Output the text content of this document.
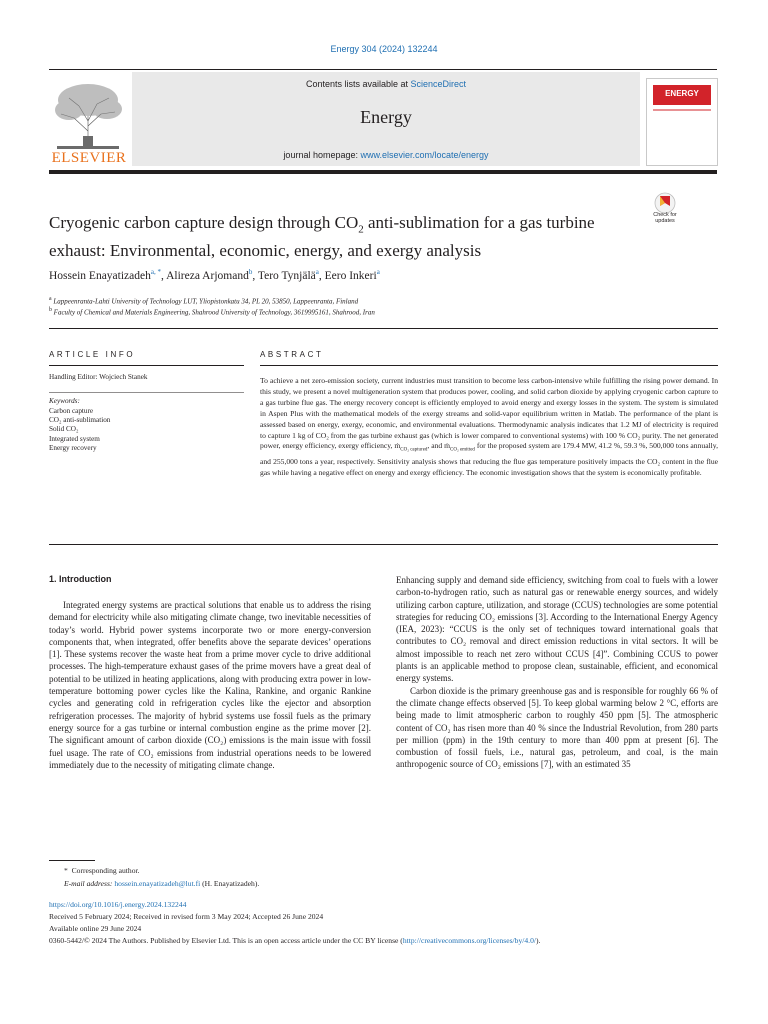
Energy 304 (2024) 132244
ELSEVIER
Contents lists available at ScienceDirect
Energy
journal homepage: www.elsevier.com/locate/energy
ENERGY
Check for
updates
Cryogenic carbon capture design through $CO_2$ anti-sublimation for a gas turbine exhaust: Environmental, economic, energy, and exergy analysis
Hossein Enayatizadeh$^{a, *}$, Alireza Arjomand$^b$, Tero Tynjälä$^a$, Eero Inkeri$^a$
$^a$ Lappeenranta-Lahti University of Technology LUT, Yliopistonkatu 34, PL 20, 53850, Lappeenranta, Finland
$^b$ Faculty of Chemical and Materials Engineering, Shahrood University of Technology, 3619995161, Shahrood, Iran
ARTICLE INFO
Handling Editor: Wojciech Stanek
Keywords:
Carbon capture
CO₂ anti-sublimation
Solid CO₂
Integrated system
Energy recovery
ABSTRACT
To achieve a net zero-emission society, current industries must transition to become less carbon-intensive while fulfilling the rising power demand. In this study, we present a novel multigeneration system that produces power, cooling, and solid carbon dioxide by applying cryogenic carbon capture to a gas turbine flue gas. The energy recovery concept is efficiently employed to avoid energy and exergy losses in the system. The system is simulated in Aspen Plus with the mathematical models of the exergy streams and solid-vapor equilibrium written in Matlab. The performance of the plant is assessed based on energy, exergy, economic, and environmental evaluations. Thermodynamic analysis indicates that 1.2 MJ of electricity is required to capture 1 kg of CO₂ from the gas turbine exhaust gas (which is lower compared to conventional systems) with 100 % CO₂ purity. The net generated power, energy efficiency, exergy efficiency, ṁ$_{CO_2 captured}$, and ṁ$_{CO_2 emitted}$ for the proposed system are 179.4 MW, 41.2 %, 59.3 %, 500,000 tons annually, and 255,000 tons a year, respectively. Sensitivity analysis shows that reducing the flue gas temperature positively impacts the CO₂ content in the flue gas while having a negative effect on energy and exergy efficiency. The economic investigation shows that the system is economically profitable.
1. Introduction

Integrated energy systems are practical solutions that enable us to address the rising demand for electricity while also mitigating climate change, two inevitable necessities of today’s world. Hybrid power systems incorporate two or more energy-conversion components that, when integrated, offer benefits above the separate devices’ operations [1]. These systems recover the waste heat from a prime mover cycle to drive additional processes. The high-temperature exhaust gases of the prime movers have a great deal of potential to be utilized in heating applications, along with producing extra power in low-temperature bottoming power cycles like the Kalina, Rankine, and organic Rankine cycles and generating cold in refrigeration cycles like the ejector and absorption refrigeration processes. The majority of hybrid systems use fossil fuels as the primary energy source for a gas turbine or internal combustion engine as the prime mover [2]. The significant amount of carbon dioxide (CO₂) emissions is the main issue with fossil fuel usage. The rate of CO₂ emissions from industrial operations needs to be lowered immediately due to the necessity of mitigating climate change.

Enhancing supply and demand side efficiency, switching from coal to fuels with a lower carbon-to-hydrogen ratio, such as natural gas or renewable energy sources, and widely utilizing carbon capture, utilization, and storage (CCUS) technologies are some potential strategies for reducing CO₂ emissions [3]. According to the International Energy Agency (IEA, 2023): “CCUS is the only set of techniques toward international goals that contributes to CO₂ removal and direct emission reductions in vital sectors. It will be almost impossible to reach net zero without CCUS [4]”. Combining CCUS to power plants is an applicable method to propose clean, sustainable, efficient, and economical energy systems.

Carbon dioxide is the primary greenhouse gas and is responsible for roughly 66 % of the climate change effects observed [5]. To keep global warming below 2 °C, efforts are being made to limit atmospheric carbon to roughly 450 ppm [5]. The atmospheric content of CO₂ has risen more than 40 % since the Industrial Revolution, from 280 parts per million (ppm) in the 19th century to more than 400 ppm at present [6]. The combustion of fossil fuels, i.e., natural gas, petroleum, and coal, is the main anthropogenic source of CO₂ emissions [7], with an estimated 35

* Corresponding author.
E-mail address: hossein.enayatizadeh@lut.fi (H. Enayatizadeh).
https://doi.org/10.1016/j.energy.2024.132244
Received 5 February 2024; Received in revised form 3 May 2024; Accepted 26 June 2024
Available online 29 June 2024
0360-5442/© 2024 The Authors. Published by Elsevier Ltd. This is an open access article under the CC BY license (http://creativecommons.org/licenses/by/4.0/).
